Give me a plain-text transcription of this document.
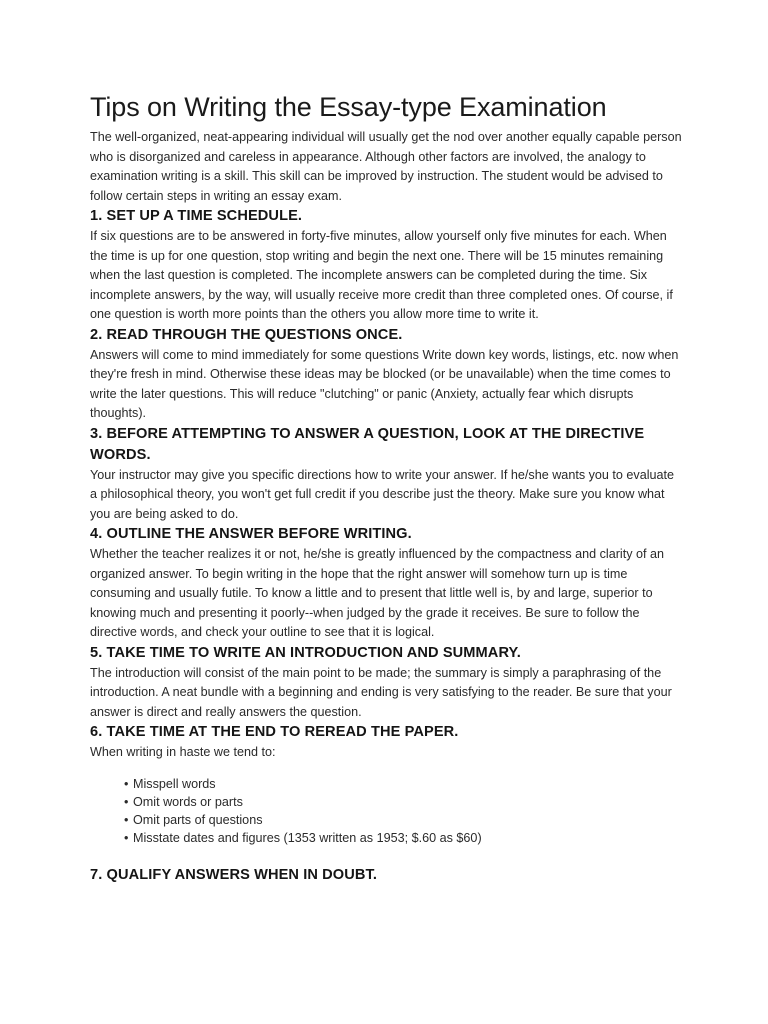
Tips on Writing the Essay-type Examination

The well-organized, neat-appearing individual will usually get the nod over another equally capable person who is disorganized and careless in appearance. Although other factors are involved, the analogy to examination writing is a skill. This skill can be improved by instruction. The student would be advised to follow certain steps in writing an essay exam.

1. SET UP A TIME SCHEDULE.

If six questions are to be answered in forty-five minutes, allow yourself only five minutes for each. When the time is up for one question, stop writing and begin the next one. There will be 15 minutes remaining when the last question is completed. The incomplete answers can be completed during the time. Six incomplete answers, by the way, will usually receive more credit than three completed ones. Of course, if one question is worth more points than the others you allow more time to write it.

2. READ THROUGH THE QUESTIONS ONCE.

Answers will come to mind immediately for some questions Write down key words, listings, etc. now when they're fresh in mind. Otherwise these ideas may be blocked (or be unavailable) when the time comes to write the later questions. This will reduce "clutching" or panic (Anxiety, actually fear which disrupts thoughts).

3. BEFORE ATTEMPTING TO ANSWER A QUESTION, LOOK AT THE DIRECTIVE WORDS.

Your instructor may give you specific directions how to write your answer. If he/she wants you to evaluate a philosophical theory, you won't get full credit if you describe just the theory. Make sure you know what you are being asked to do.

4. OUTLINE THE ANSWER BEFORE WRITING.

Whether the teacher realizes it or not, he/she is greatly influenced by the compactness and clarity of an organized answer. To begin writing in the hope that the right answer will somehow turn up is time consuming and usually futile. To know a little and to present that little well is, by and large, superior to knowing much and presenting it poorly--when judged by the grade it receives. Be sure to follow the directive words, and check your outline to see that it is logical.

5. TAKE TIME TO WRITE AN INTRODUCTION AND SUMMARY.

The introduction will consist of the main point to be made; the summary is simply a paraphrasing of the introduction. A neat bundle with a beginning and ending is very satisfying to the reader. Be sure that your answer is direct and really answers the question.

6. TAKE TIME AT THE END TO REREAD THE PAPER.

When writing in haste we tend to:

• Misspell words
• Omit words or parts
• Omit parts of questions
• Misstate dates and figures (1353 written as 1953; $.60 as $60)
7. QUALIFY ANSWERS WHEN IN DOUBT.
